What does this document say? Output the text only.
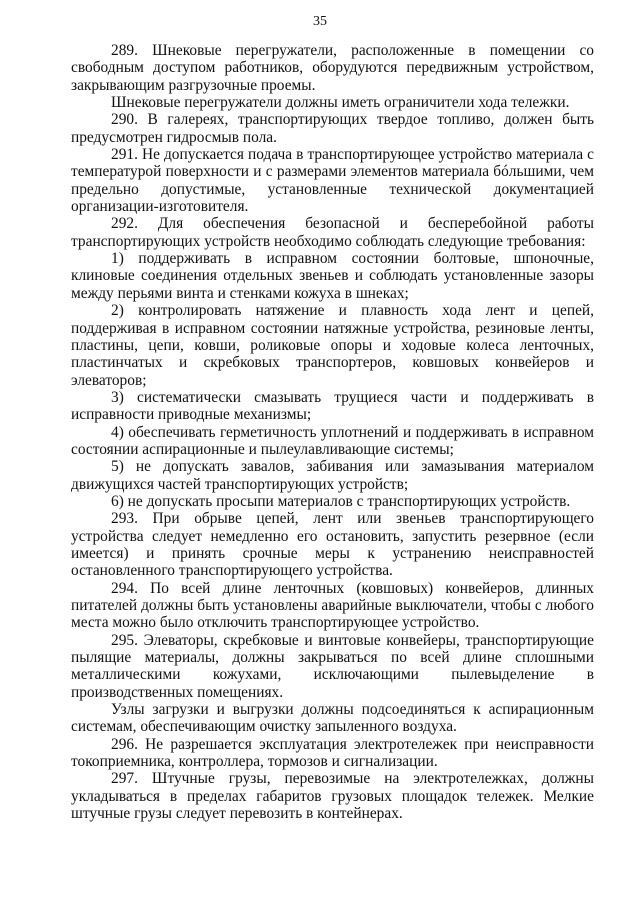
35

289. Шнековые перегружатели, расположенные в помещении со свободным доступом работников, оборудуются передвижным устройством, закрывающим разгрузочные проемы.

Шнековые перегружатели должны иметь ограничители хода тележки.

290. В галереях, транспортирующих твердое топливо, должен быть предусмотрен гидросмыв пола.

291. Не допускается подача в транспортирующее устройство материала с температурой поверхности и с размерами элементов материала бóльшими, чем предельно допустимые, установленные технической документацией организации-изготовителя.

292. Для обеспечения безопасной и бесперебойной работы транспортирующих устройств необходимо соблюдать следующие требования:

1) поддерживать в исправном состоянии болтовые, шпоночные, клиновые соединения отдельных звеньев и соблюдать установленные зазоры между перьями винта и стенками кожуха в шнеках;

2) контролировать натяжение и плавность хода лент и цепей, поддерживая в исправном состоянии натяжные устройства, резиновые ленты, пластины, цепи, ковши, роликовые опоры и ходовые колеса ленточных, пластинчатых и скребковых транспортеров, ковшовых конвейеров и элеваторов;

3) систематически смазывать трущиеся части и поддерживать в исправности приводные механизмы;

4) обеспечивать герметичность уплотнений и поддерживать в исправном состоянии аспирационные и пылеулавливающие системы;

5) не допускать завалов, забивания или замазывания материалом движущихся частей транспортирующих устройств;

6) не допускать просыпи материалов с транспортирующих устройств.

293. При обрыве цепей, лент или звеньев транспортирующего устройства следует немедленно его остановить, запустить резервное (если имеется) и принять срочные меры к устранению неисправностей остановленного транспортирующего устройства.

294. По всей длине ленточных (ковшовых) конвейеров, длинных питателей должны быть установлены аварийные выключатели, чтобы с любого места можно было отключить транспортирующее устройство.

295. Элеваторы, скребковые и винтовые конвейеры, транспортирующие пылящие материалы, должны закрываться по всей длине сплошными металлическими кожухами, исключающими пылевыделение в производственных помещениях.

Узлы загрузки и выгрузки должны подсоединяться к аспирационным системам, обеспечивающим очистку запыленного воздуха.

296. Не разрешается эксплуатация электротележек при неисправности токоприемника, контроллера, тормозов и сигнализации.

297. Штучные грузы, перевозимые на электротележках, должны укладываться в пределах габаритов грузовых площадок тележек. Мелкие штучные грузы следует перевозить в контейнерах.
